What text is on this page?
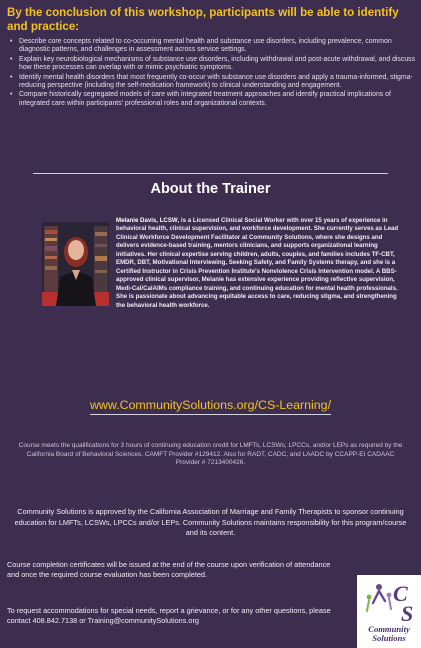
By the conclusion of this workshop, participants will be able to identify and practice:
• Describe core concepts related to co-occurring mental health and substance use disorders, including prevalence, common diagnostic patterns, and challenges in assessment across service settings.
• Explain key neurobiological mechanisms of substance use disorders, including withdrawal and post-acute withdrawal, and discuss how these processes can overlap with or mimic psychiatric symptoms.
• Identify mental health disorders that most frequently co-occur with substance use disorders and apply a trauma-informed, stigma-reducing perspective (including the self-medication framework) to clinical understanding and engagement.
• Compare historically segregated models of care with integrated treatment approaches and identify practical implications of integrated care within participants' professional roles and organizational contexts.
About the Trainer
Melanie Davis, LCSW, is a Licensed Clinical Social Worker with over 15 years of experience in behavioral health, clinical supervision, and workforce development. She currently serves as Lead Clinical Workforce Development Facilitator at Community Solutions, where she designs and delivers evidence-based training, mentors clinicians, and supports organizational learning initiatives. Her clinical expertise serving children, adults, couples, and families includes TF-CBT, EMDR, DBT, Motivational Interviewing, Seeking Safety, and Family Systems therapy, and she is a Certified Instructor in Crisis Prevention Institute's Nonviolence Crisis Intervention model. A BBS-approved clinical supervisor, Melanie has extensive experience providing reflective supervision, Medi-Cal/CalAIMs compliance training, and continuing education for mental health professionals. She is passionate about advancing equitable access to care, reducing stigma, and strengthening the behavioral health workforce.
www.CommunitySolutions.org/CS-Learning/
Course meets the qualifications for 3 hours of continuing education credit for LMFTs, LCSWs, LPCCs, and/or LEPs as required by the California Board of Behavioral Sciences. CAMFT Provider #129412. Also for RADT, CADC, and LAADC by CCAPP-EI CADAAC Provider # 7213400426.
Community Solutions is approved by the California Association of Marriage and Family Therapists to sponsor continuing education for LMFTs, LCSWs, LPCCs and/or LEPs. Community Solutions maintains responsibility for this program/course and its content.
Course completion certificates will be issued at the end of the course upon verification of attendance and once the required course evaluation has been completed.
To request accommodations for special needs, report a grievance, or for any other questions, please contact 408.842.7138 or Training@communitySolutions.org
C
S
Community
Solutions
